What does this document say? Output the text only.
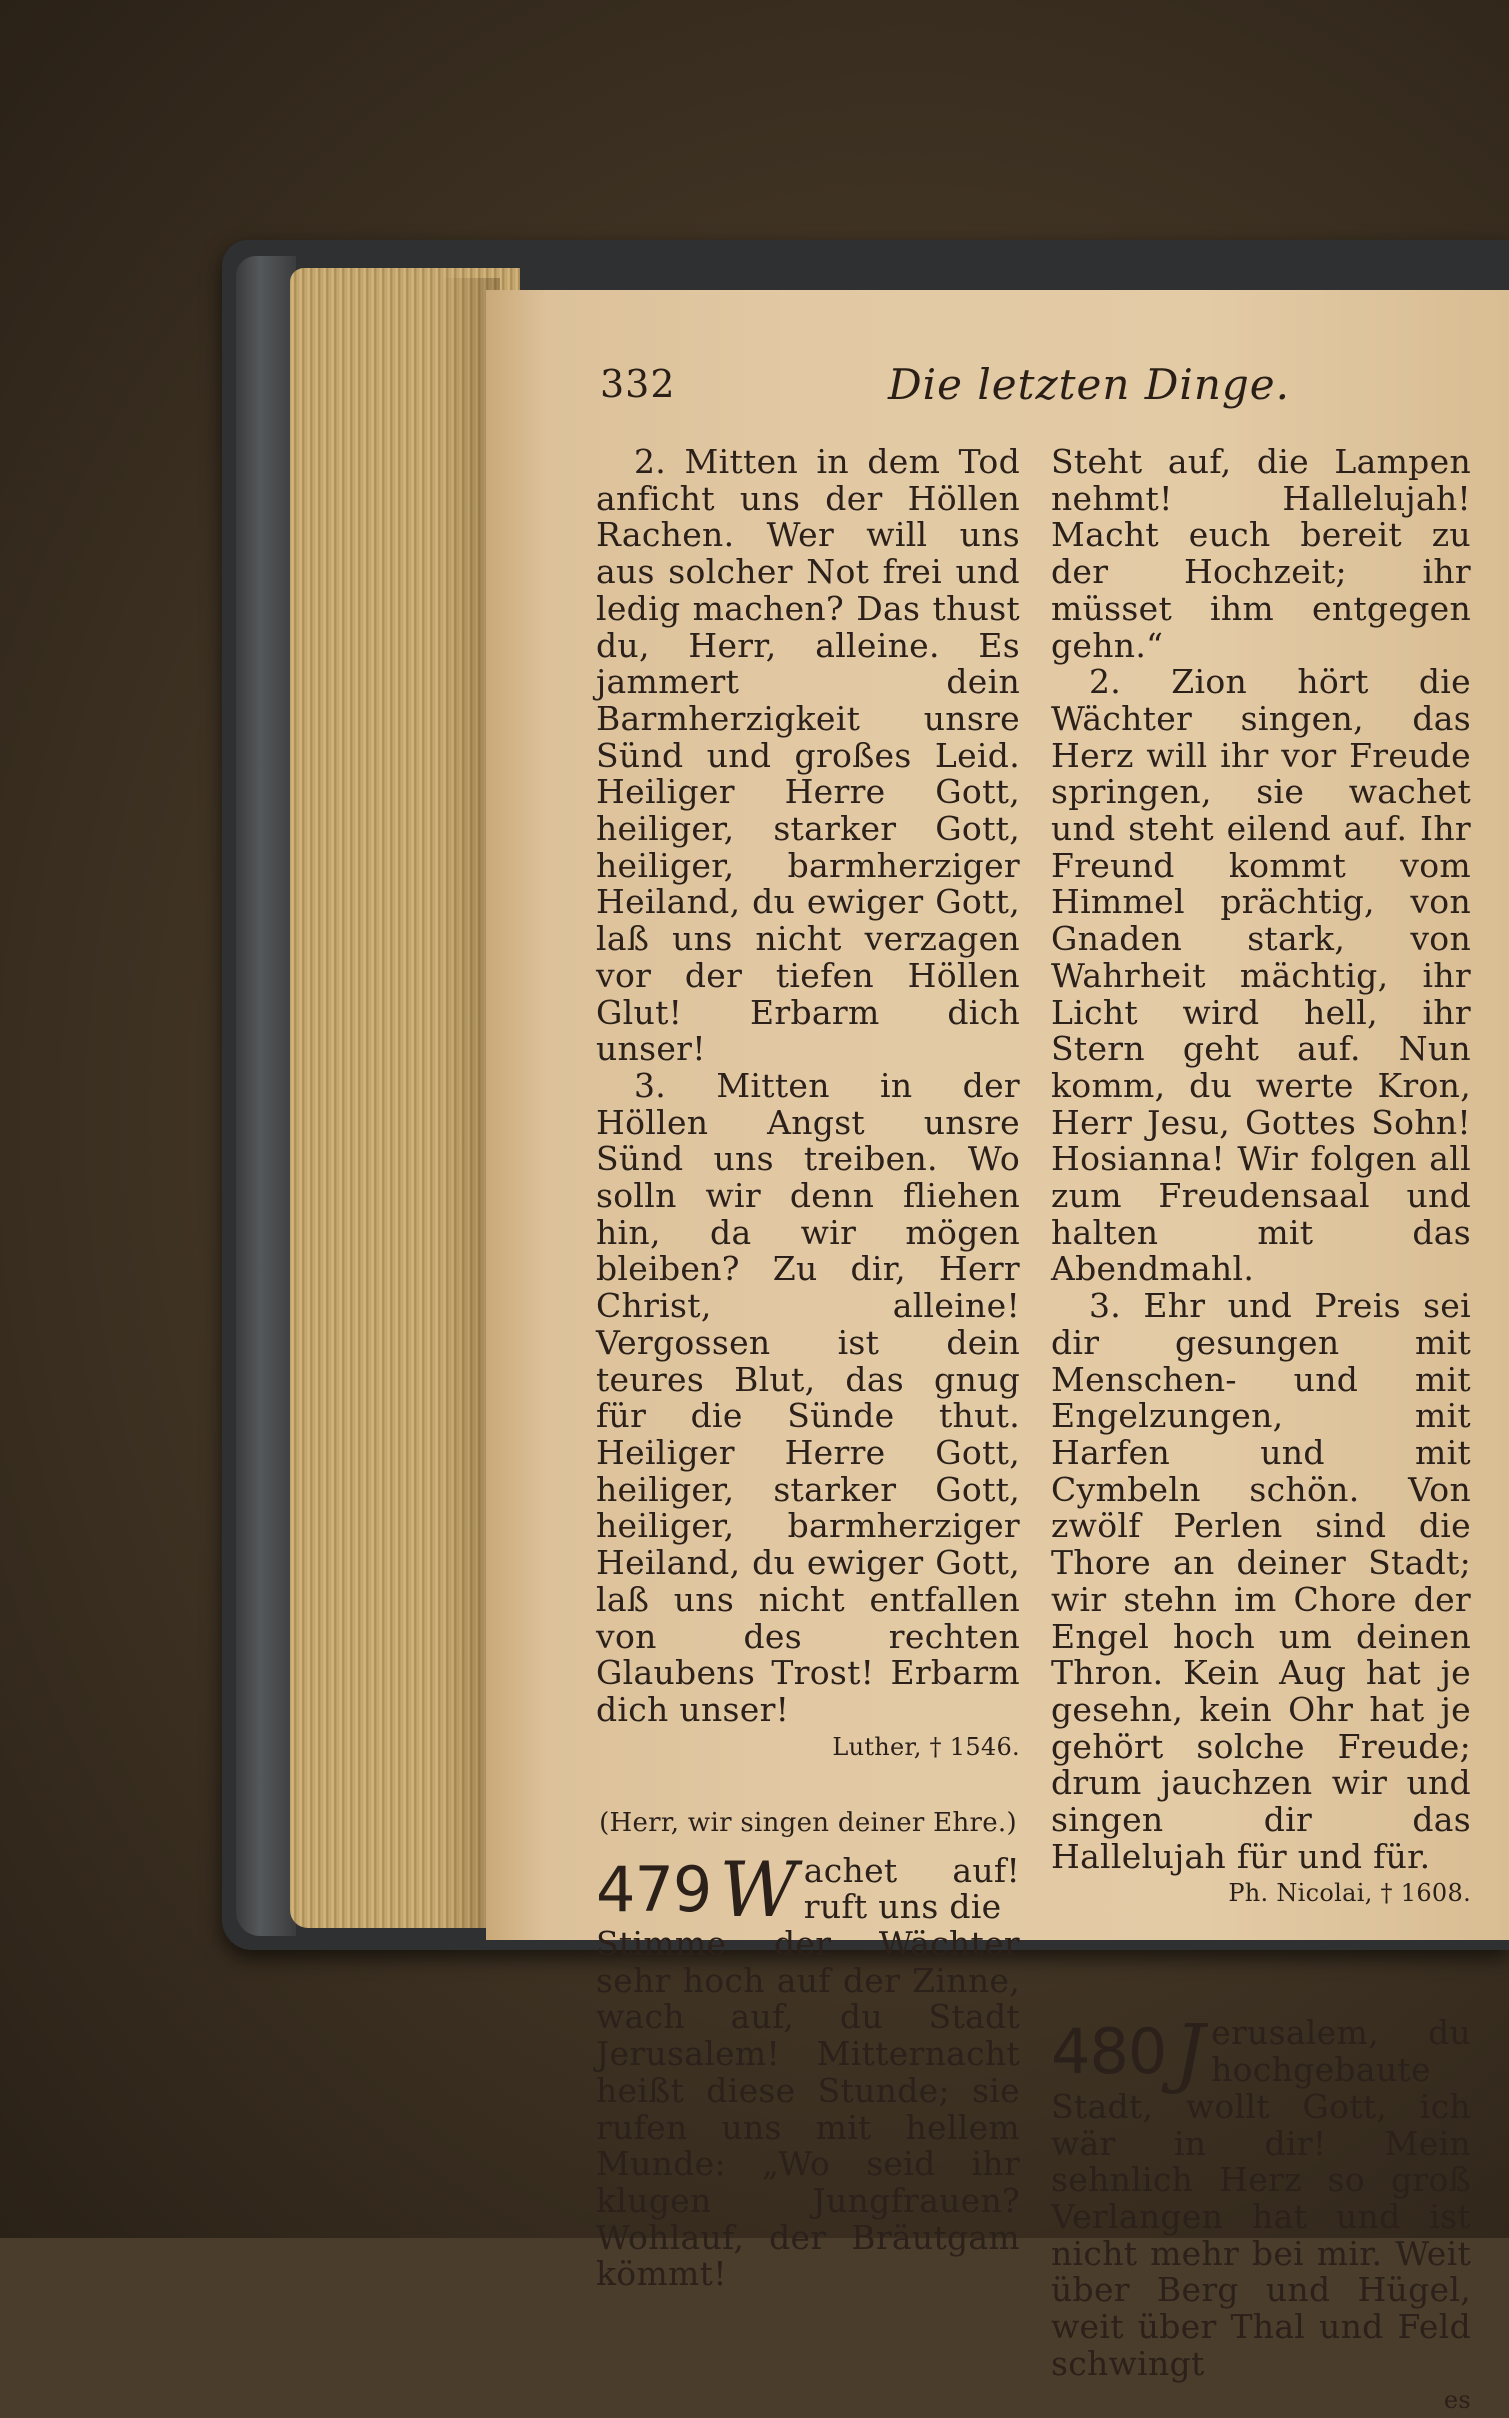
332	Die letzten Dinge.

2. Mitten in dem Tod anficht uns der Höllen Rachen. Wer will uns aus solcher Not frei und ledig machen? Das thust du, Herr, alleine. Es jammert dein Barmherzigkeit unsre Sünd und großes Leid. Heiliger Herre Gott, heiliger, starker Gott, heiliger, barmherziger Heiland, du ewiger Gott, laß uns nicht verzagen vor der tiefen Höllen Glut! Erbarm dich unser!

3. Mitten in der Höllen Angst unsre Sünd uns treiben. Wo solln wir denn fliehen hin, da wir mögen bleiben? Zu dir, Herr Christ, alleine! Vergossen ist dein teures Blut, das gnug für die Sünde thut. Heiliger Herre Gott, heiliger, starker Gott, heiliger, barmherziger Heiland, du ewiger Gott, laß uns nicht entfallen von des rechten Glaubens Trost! Erbarm dich unser!

Luther, † 1546.

(Herr, wir singen deiner Ehre.)

479 W achet auf! ruft uns die

Stimme der Wächter sehr hoch auf der Zinne, wach auf, du Stadt Jerusalem! Mitternacht heißt diese Stunde; sie rufen uns mit hellem Munde: „Wo seid ihr klugen Jungfrauen? Wohlauf, der Bräutgam kömmt!

Steht auf, die Lampen nehmt! Hallelujah! Macht euch bereit zu der Hochzeit; ihr müsset ihm entgegen gehn.“

2. Zion hört die Wächter singen, das Herz will ihr vor Freude springen, sie wachet und steht eilend auf. Ihr Freund kommt vom Himmel prächtig, von Gnaden stark, von Wahrheit mächtig, ihr Licht wird hell, ihr Stern geht auf. Nun komm, du werte Kron, Herr Jesu, Gottes Sohn! Hosianna! Wir folgen all zum Freudensaal und halten mit das Abendmahl.

3. Ehr und Preis sei dir gesungen mit Menschen- und mit Engelzungen, mit Harfen und mit Cymbeln schön. Von zwölf Perlen sind die Thore an deiner Stadt; wir stehn im Chore der Engel hoch um deinen Thron. Kein Aug hat je gesehn, kein Ohr hat je gehört solche Freude; drum jauchzen wir und singen dir das Hallelujah für und für.

Ph. Nicolai, † 1608.

480 J erusalem, du hochgebaute

Stadt, wollt Gott, ich wär in dir! Mein sehnlich Herz so groß Verlangen hat und ist nicht mehr bei mir. Weit über Berg und Hügel, weit über Thal und Feld schwingt

es
